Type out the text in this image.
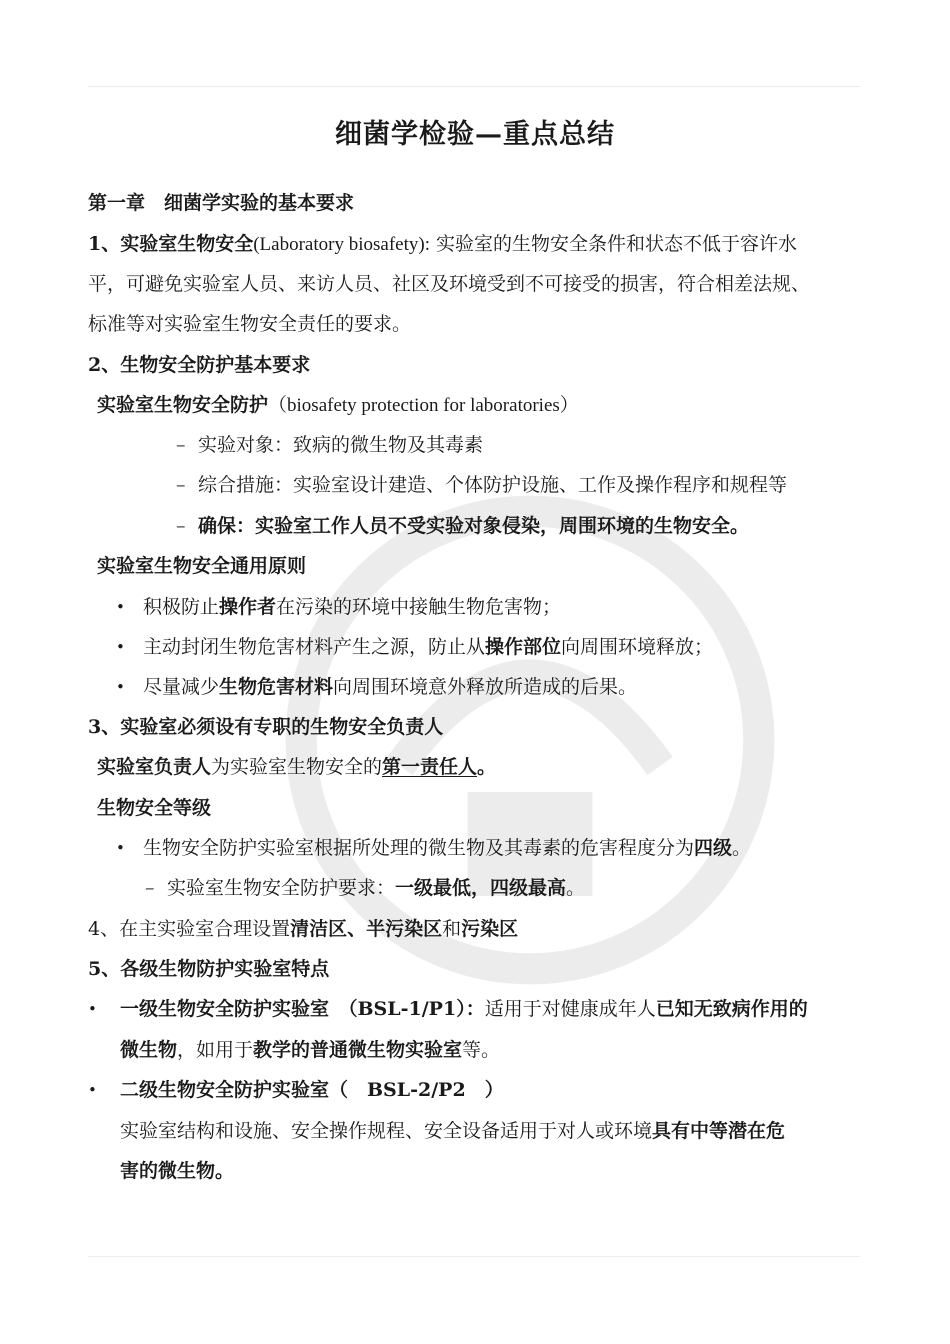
细菌学检验—重点总结
第一章　细菌学实验的基本要求
1、实验室生物安全(Laboratory biosafety): 实验室的生物安全条件和状态不低于容许水
平，可避免实验室人员、来访人员、社区及环境受到不可接受的损害，符合相差法规、
标准等对实验室生物安全责任的要求。
2、生物安全防护基本要求
实验室生物安全防护（biosafety protection for laboratories）
– 实验对象：致病的微生物及其毒素
– 综合措施：实验室设计建造、个体防护设施、工作及操作程序和规程等
– 确保：实验室工作人员不受实验对象侵染，周围环境的生物安全。
实验室生物安全通用原则
• 积极防止操作者在污染的环境中接触生物危害物；
• 主动封闭生物危害材料产生之源，防止从操作部位向周围环境释放；
• 尽量减少生物危害材料向周围环境意外释放所造成的后果。
3、实验室必须设有专职的生物安全负责人
实验室负责人为实验室生物安全的第一责任人。
生物安全等级
• 生物安全防护实验室根据所处理的微生物及其毒素的危害程度分为四级。
– 实验室生物安全防护要求：一级最低，四级最高。
4、在主实验室合理设置清洁区、半污染区和污染区
5、各级生物防护实验室特点
• 一级生物安全防护实验室　（BSL-1/P1）：适用于对健康成年人已知无致病作用的
微生物，如用于教学的普通微生物实验室等。
• 二级生物安全防护实验室（　BSL-2/P2　）
实验室结构和设施、安全操作规程、安全设备适用于对人或环境具有中等潜在危
害的微生物。
